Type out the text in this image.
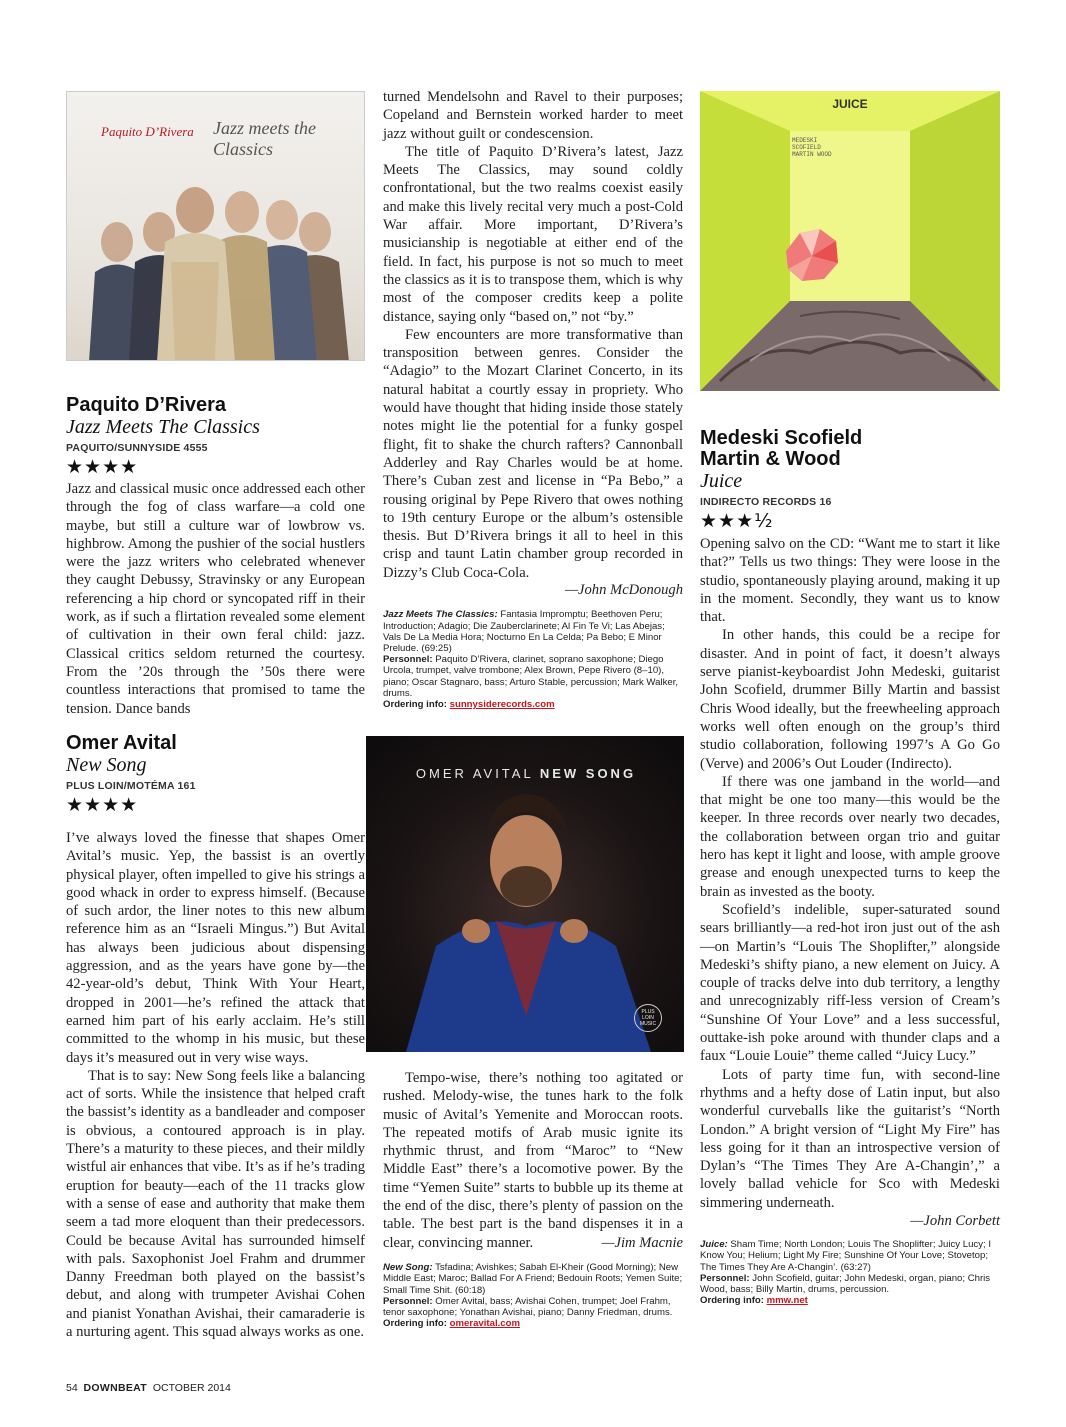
Paquito D’Rivera Jazz meets the Classics

Paquito D’Rivera

Jazz Meets The Classics

PAQUITO/SUNNYSIDE 4555

★★★★

Jazz and classical music once addressed each other through the fog of class warfare—a cold one maybe, but still a culture war of lowbrow vs. highbrow. Among the pushier of the social hustlers were the jazz writers who celebrated whenever they caught Debussy, Stravinsky or any European referencing a hip chord or syncopated riff in their work, as if such a flirtation revealed some element of cultivation in their own feral child: jazz. Classical critics seldom returned the courtesy. From the ’20s through the ’50s there were countless interactions that promised to tame the tension. Dance bands

Omer Avital

New Song

PLUS LOIN/MOTÉMA 161

★★★★

I’ve always loved the finesse that shapes Omer Avital’s music. Yep, the bassist is an overtly physical player, often impelled to give his strings a good whack in order to express himself. (Because of such ardor, the liner notes to this new album reference him as an “Israeli Mingus.”) But Avital has always been judicious about dispensing aggression, and as the years have gone by—the 42-year-old’s debut, Think With Your Heart, dropped in 2001—he’s refined the attack that earned him part of his early acclaim. He’s still committed to the whomp in his music, but these days it’s measured out in very wise ways.

That is to say: New Song feels like a balancing act of sorts. While the insistence that helped craft the bassist’s identity as a bandleader and composer is obvious, a contoured approach is in play. There’s a maturity to these pieces, and their mildly wistful air enhances that vibe. It’s as if he’s trading eruption for beauty—each of the 11 tracks glow with a sense of ease and authority that make them seem a tad more eloquent than their predecessors. Could be because Avital has surrounded himself with pals. Saxophonist Joel Frahm and drummer Danny Freedman both played on the bassist’s debut, and along with trumpeter Avishai Cohen and pianist Yonathan Avishai, their camaraderie is a nurturing agent. This squad always works as one.

turned Mendelsohn and Ravel to their purposes; Copeland and Bernstein worked harder to meet jazz without guilt or condescension.

The title of Paquito D’Rivera’s latest, Jazz Meets The Classics, may sound coldly confrontational, but the two realms coexist easily and make this lively recital very much a post-Cold War affair. More important, D’Rivera’s musicianship is negotiable at either end of the field. In fact, his purpose is not so much to meet the classics as it is to transpose them, which is why most of the composer credits keep a polite distance, saying only “based on,” not “by.”

Few encounters are more transformative than transposition between genres. Consider the “Adagio” to the Mozart Clarinet Concerto, in its natural habitat a courtly essay in propriety. Who would have thought that hiding inside those stately notes might lie the potential for a funky gospel flight, fit to shake the church rafters? Cannonball Adderley and Ray Charles would be at home. There’s Cuban zest and license in “Pa Bebo,” a rousing original by Pepe Rivero that owes nothing to 19th century Europe or the album’s ostensible thesis. But D’Rivera brings it all to heel in this crisp and taunt Latin chamber group recorded in Dizzy’s Club Coca-Cola.

—John McDonough

Jazz Meets The Classics: Fantasia Impromptu; Beethoven Peru; Introduction; Adagio; Die Zauberclarinete; Al Fin Te Vi; Las Abejas; Vals De La Media Hora; Nocturno En La Celda; Pa Bebo; E Minor Prelude. (69:25)

Personnel: Paquito D’Rivera, clarinet, soprano saxophone; Diego Urcola, trumpet, valve trombone; Alex Brown, Pepe Rivero (8–10), piano; Oscar Stagnaro, bass; Arturo Stable, percussion; Mark Walker, drums.

Ordering info: sunnysiderecords.com

OMER AVITAL NEW SONG
PLUS LOIN MUSIC

Tempo-wise, there’s nothing too agitated or rushed. Melody-wise, the tunes hark to the folk music of Avital’s Yemenite and Moroccan roots. The repeated motifs of Arab music ignite its rhythmic thrust, and from “Maroc” to “New Middle East” there’s a locomotive power. By the time “Yemen Suite” starts to bubble up its theme at the end of the disc, there’s plenty of passion on the table. The best part is the band dispenses it in a clear, convincing manner.	—Jim Macnie

New Song: Tsfadina; Avishkes; Sabah El-Kheir (Good Morning); New Middle East; Maroc; Ballad For A Friend; Bedouin Roots; Yemen Suite; Small Time Shit. (60:18)

Personnel: Omer Avital, bass; Avishai Cohen, trumpet; Joel Frahm, tenor saxophone; Yonathan Avishai, piano; Danny Friedman, drums.

Ordering info: omeravital.com

JUICE
MEDESKI SCOFIELD MARTIN WOOD

Medeski Scofield

Martin & Wood

Juice

INDIRECTO RECORDS 16

★★★½

Opening salvo on the CD: “Want me to start it like that?” Tells us two things: They were loose in the studio, spontaneously playing around, making it up in the moment. Secondly, they want us to know that.

In other hands, this could be a recipe for disaster. And in point of fact, it doesn’t always serve pianist-keyboardist John Medeski, guitarist John Scofield, drummer Billy Martin and bassist Chris Wood ideally, but the freewheeling approach works well often enough on the group’s third studio collaboration, following 1997’s A Go Go (Verve) and 2006’s Out Louder (Indirecto).

If there was one jamband in the world—and that might be one too many—this would be the keeper. In three records over nearly two decades, the collaboration between organ trio and guitar hero has kept it light and loose, with ample groove grease and enough unexpected turns to keep the brain as invested as the booty.

Scofield’s indelible, super-saturated sound sears brilliantly—a red-hot iron just out of the ash—on Martin’s “Louis The Shoplifter,” alongside Medeski’s shifty piano, a new element on Juicy. A couple of tracks delve into dub territory, a lengthy and unrecognizably riff-less version of Cream’s “Sunshine Of Your Love” and a less successful, outtake-ish poke around with thunder claps and a faux “Louie Louie” theme called “Juicy Lucy.”

Lots of party time fun, with second-line rhythms and a hefty dose of Latin input, but also wonderful curveballs like the guitarist’s “North London.” A bright version of “Light My Fire” has less going for it than an introspective version of Dylan’s “The Times They Are A-Changin’,” a lovely ballad vehicle for Sco with Medeski simmering underneath.

—John Corbett

Juice: Sham Time; North London; Louis The Shoplifter; Juicy Lucy; I Know You; Helium; Light My Fire; Sunshine Of Your Love; Stovetop; The Times They Are A-Changin’. (63:27)

Personnel: John Scofield, guitar; John Medeski, organ, piano; Chris Wood, bass; Billy Martin, drums, percussion.

Ordering info: mmw.net

54 DOWNBEAT OCTOBER 2014
